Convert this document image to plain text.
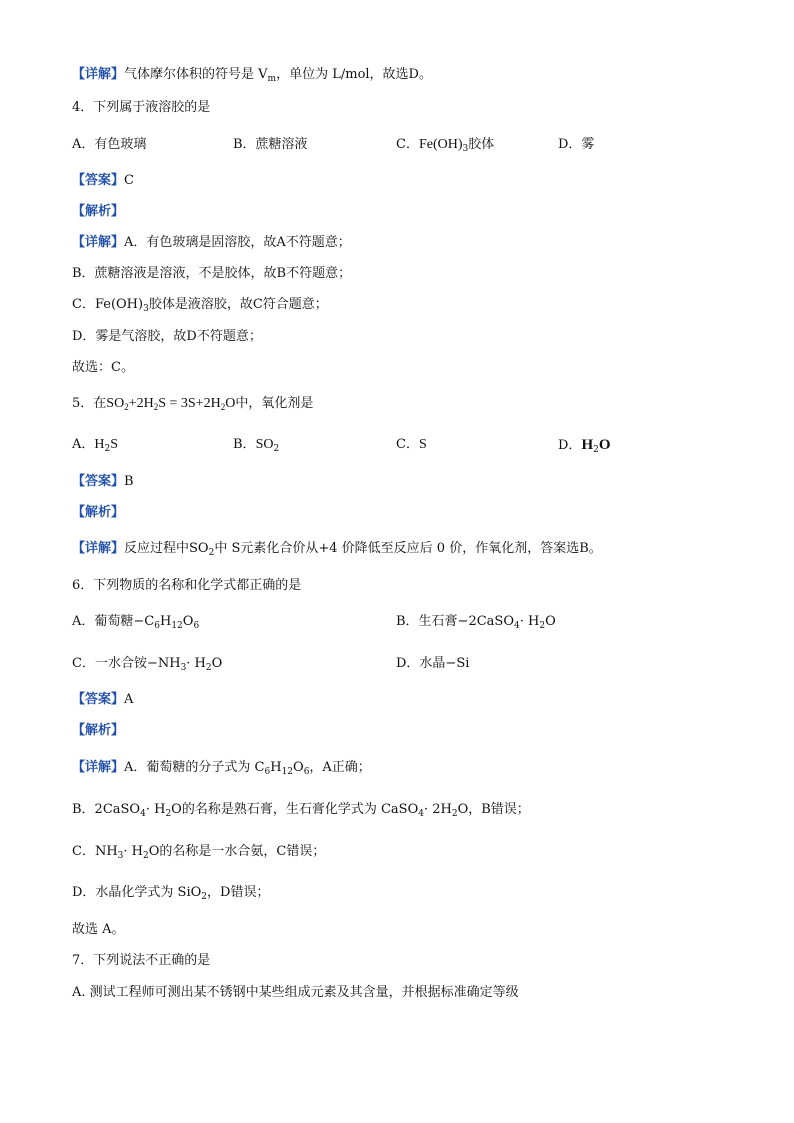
【详解】气体摩尔体积的符号是 $V_m$，单位为 L/mol，故选D。
4．下列属于液溶胶的是
A．有色玻璃	B．蔗糖溶液	C．$Fe(OH)_3$胶体	D．雾
【答案】C
【解析】
【详解】A．有色玻璃是固溶胶，故A不符题意；
B．蔗糖溶液是溶液，不是胶体，故B不符题意；
C．$Fe(OH)_3$胶体是液溶胶，故C符合题意；
D．雾是气溶胶，故D不符题意；
故选：C。
5．在$SO_2+2H_2S = 3S+2H_2O$中，氧化剂是
A．$H_2S$	B．$SO_2$	C．S	D．$H_2O$
【答案】B
【解析】
【详解】反应过程中$SO_2$中 S元素化合价从+4 价降低至反应后 0 价，作氧化剂，答案选B。
6．下列物质的名称和化学式都正确的是
A．葡萄糖$-C_6H_{12}O_6$	B．生石膏−2CaSO$_4$· $H_2O$
C．一水合铵$-NH_3\cdot H_2O$	D．水晶−Si
【答案】A
【解析】
【详解】A．葡萄糖的分子式为 $C_6H_{12}O_6$，A正确；
B．2CaSO$_4$· $H_2O$的名称是熟石膏，生石膏化学式为 CaSO$_4$· $2H_2O$，B错误；
C．$NH_3\cdot H_2O$的名称是一水合氨，C错误；
D．水晶化学式为 SiO$_2$，D错误；
故选 A。
7．下列说法不正确的是
A. 测试工程师可测出某不锈钢中某些组成元素及其含量，并根据标准确定等级
